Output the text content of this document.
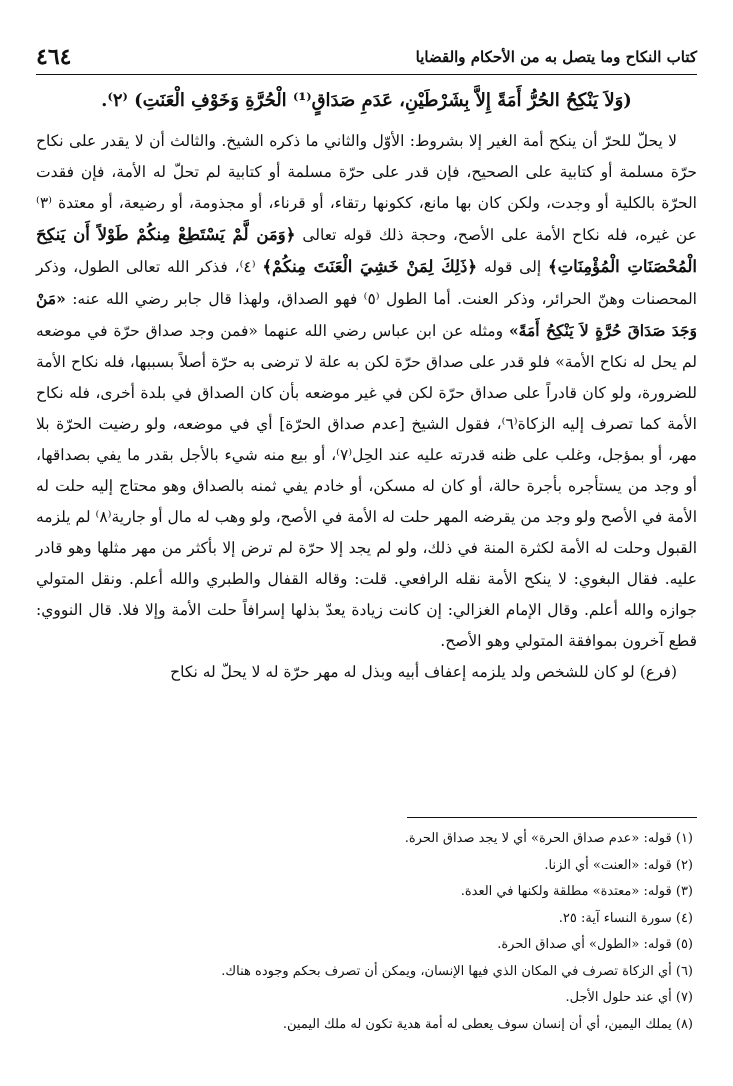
كتاب النكاح وما يتصل به من الأحكام والقضايا
٤٦٤
(وَلاَ يَنْكِحُ الحُرُّ أَمَةً إِلاَّ بِشَرْطَيْنِ، عَدَمِ صَدَاقٍ⁽¹⁾ الْحُرَّةِ وَخَوْفِ الْعَنَتِ) ⁽٢⁾.

لا يحلّ للحرّ أن ينكح أمة الغير إلا بشروط: الأوّل والثاني ما ذكره الشيخ. والثالث أن لا يقدر على نكاح حرّة مسلمة أو كتابية على الصحيح، فإن قدر على حرّة مسلمة أو كتابية لم تحلّ له الأمة، فإن فقدت الحرّة بالكلية أو وجدت، ولكن كان بها مانع، ككونها رتقاء، أو قرناء، أو مجذومة، أو رضيعة، أو معتدة ⁽٣⁾ عن غيره، فله نكاح الأمة على الأصح، وحجة ذلك قوله تعالى ﴿وَمَن لَّمْ يَسْتَطِعْ مِنكُمْ طَوْلاً أَن يَنكِحَ الْمُحْصَنَاتِ الْمُؤْمِنَاتِ﴾ إلى قوله ﴿ذَلِكَ لِمَنْ خَشِيَ الْعَنَتَ مِنكُمْ﴾ ⁽٤⁾، فذكر الله تعالى الطول، وذكر المحصنات وهنّ الحرائر، وذكر العنت. أما الطول ⁽٥⁾ فهو الصداق، ولهذا قال جابر رضي الله عنه: «مَنْ وَجَدَ صَدَاقَ حُرَّةٍ لاَ يَنْكِحُ أَمَةً» ومثله عن ابن عباس رضي الله عنهما «فمن وجد صداق حرّة في موضعه لم يحل له نكاح الأمة» فلو قدر على صداق حرّة لكن به علة لا ترضى به حرّة أصلاً بسببها، فله نكاح الأمة للضرورة، ولو كان قادراً على صداق حرّة لكن في غير موضعه بأن كان الصداق في بلدة أخرى، فله نكاح الأمة كما تصرف إليه الزكاة⁽٦⁾، فقول الشيخ [عدم صداق الحرّة] أي في موضعه، ولو رضيت الحرّة بلا مهر، أو بمؤجل، وغلب على ظنه قدرته عليه عند الحِل⁽٧⁾، أو بيع منه شيء بالأجل بقدر ما يفي بصداقها، أو وجد من يستأجره بأجرة حالة، أو كان له مسكن، أو خادم يفي ثمنه بالصداق وهو محتاج إليه حلت له الأمة في الأصح ولو وجد من يقرضه المهر حلت له الأمة في الأصح، ولو وهب له مال أو جارية⁽٨⁾ لم يلزمه القبول وحلت له الأمة لكثرة المنة في ذلك، ولو لم يجد إلا حرّة لم ترض إلا بأكثر من مهر مثلها وهو قادر عليه. فقال البغوي: لا ينكح الأمة نقله الرافعي. قلت: وقاله القفال والطبري والله أعلم. ونقل المتولي جوازه والله أعلم. وقال الإمام الغزالي: إن كانت زيادة يعدّ بذلها إسرافاً حلت الأمة وإلا فلا. قال النووي: قطع آخرون بموافقة المتولي وهو الأصح.

(فرع) لو كان للشخص ولد يلزمه إعفاف أبيه وبذل له مهر حرّة له لا يحلّ له نكاح

(١) قوله: «عدم صداق الحرة» أي لا يجد صداق الحرة.
(٢) قوله: «العنت» أي الزنا.
(٣) قوله: «معتدة» مطلقة ولكنها في العدة.
(٤) سورة النساء آية: ٢٥.
(٥) قوله: «الطول» أي صداق الحرة.
(٦) أي الزكاة تصرف في المكان الذي فيها الإنسان، ويمكن أن تصرف بحكم وجوده هناك.
(٧) أي عند حلول الأجل.
(٨) يملك اليمين، أي أن إنسان سوف يعطى له أمة هدية تكون له ملك اليمين.
